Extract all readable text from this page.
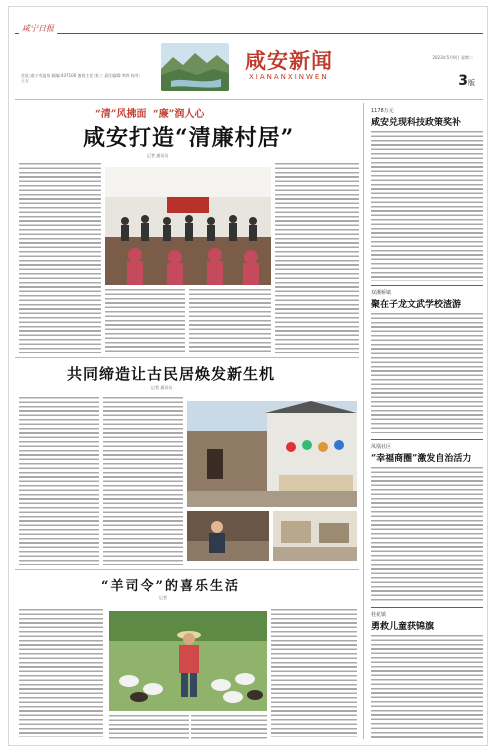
咸宁日报
社址:咸宁市温泉 邮编:437100 值班主任:张三 责任编辑:李四 校对:王五
咸安新闻
XIANANXINWEN
2023年5月9日 星期二
3版
“清”风拂面 “廉”润人心
咸安打造“清廉村居”
记者 通讯员
共同缔造让古民居焕发新生机
记者 通讯员
“羊司令”的喜乐生活
记者
1178万元
咸安兑现科技政策奖补
双溪桥镇
聚在子龙文武学校渣游
凤凰社区
“幸福商圈”激发自治活力
桂花镇
勇救儿童获锦旗
